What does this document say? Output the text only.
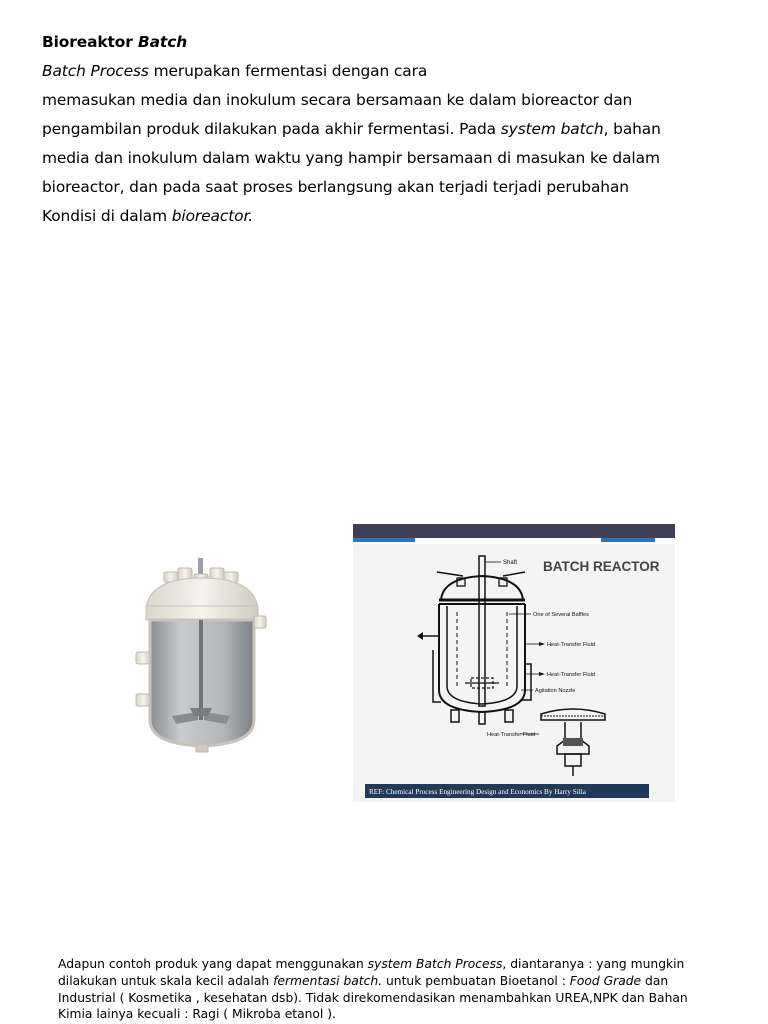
Bioreaktor Batch
Batch Process merupakan fermentasi dengan cara
memasukan media dan inokulum secara bersamaan ke dalam bioreactor dan
pengambilan produk dilakukan pada akhir fermentasi. Pada system batch, bahan
media dan inokulum dalam waktu yang hampir bersamaan di masukan ke dalam
bioreactor, dan pada saat proses berlangsung akan terjadi terjadi perubahan
Kondisi di dalam bioreactor.
BATCH REACTOR
Shaft
One of Several Baffles
Heat-Transfer Fluid
Heat-Transfer Fluid
Agitation Nozzle
Heat-Transfer Fluid
REF: Chemical Process Engineering Design and Economics By Harry Silla
Adapun contoh produk yang dapat menggunakan system Batch Process, diantaranya : yang mungkin
dilakukan untuk skala kecil adalah fermentasi batch. untuk pembuatan Bioetanol : Food Grade dan
Industrial ( Kosmetika , kesehatan dsb). Tidak direkomendasikan menambahkan UREA,NPK dan Bahan
Kimia lainya kecuali : Ragi ( Mikroba etanol ).
